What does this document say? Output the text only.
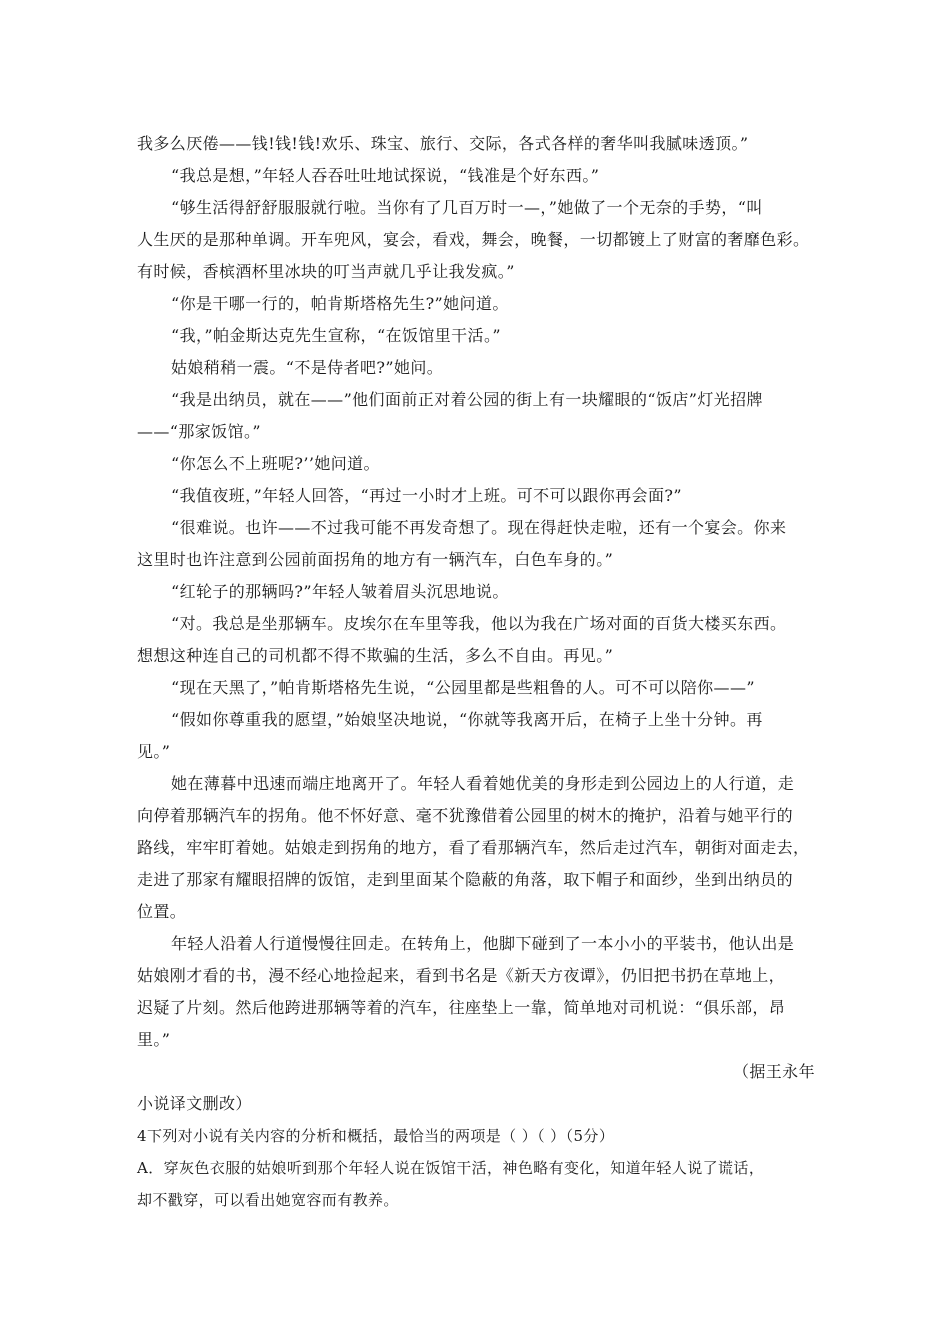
我多么厌倦——钱!钱!钱!欢乐、珠宝、旅行、交际，各式各样的奢华叫我腻味透顶。”
“我总是想，”年轻人吞吞吐吐地试探说，“钱准是个好东西。”
“够生活得舒舒服服就行啦。当你有了几百万时一—，”她做了一个无奈的手势，“叫
人生厌的是那种单调。开车兜风，宴会，看戏，舞会，晚餐，一切都镀上了财富的奢靡色彩。
有时候，香槟酒杯里冰块的叮当声就几乎让我发疯。”
“你是干哪一行的，帕肯斯塔格先生?”她问道。
“我，”帕金斯达克先生宣称，“在饭馆里干活。”
姑娘稍稍一震。“不是侍者吧?”她问。
“我是出纳员，就在——”他们面前正对着公园的街上有一块耀眼的“饭店”灯光招牌
——“那家饭馆。”
“你怎么不上班呢?’’她问道。
“我值夜班，”年轻人回答，“再过一小时才上班。可不可以跟你再会面?”
“很难说。也许——不过我可能不再发奇想了。现在得赶快走啦，还有一个宴会。你来
这里时也许注意到公园前面拐角的地方有一辆汽车，白色车身的。”
“红轮子的那辆吗?”年轻人皱着眉头沉思地说。
“对。我总是坐那辆车。皮埃尔在车里等我，他以为我在广场对面的百货大楼买东西。
想想这种连自己的司机都不得不欺骗的生活，多么不自由。再见。”
“现在天黑了，”帕肯斯塔格先生说，“公园里都是些粗鲁的人。可不可以陪你——”
“假如你尊重我的愿望，”始娘坚决地说，“你就等我离开后，在椅子上坐十分钟。再
见。”
她在薄暮中迅速而端庄地离开了。年轻人看着她优美的身形走到公园边上的人行道，走
向停着那辆汽车的拐角。他不怀好意、毫不犹豫借着公园里的树木的掩护，沿着与她平行的
路线，牢牢盯着她。姑娘走到拐角的地方，看了看那辆汽车，然后走过汽车，朝街对面走去，
走进了那家有耀眼招牌的饭馆，走到里面某个隐蔽的角落，取下帽子和面纱，坐到出纳员的
位置。
年轻人沿着人行道慢慢往回走。在转角上，他脚下碰到了一本小小的平装书，他认出是
姑娘刚才看的书，漫不经心地捡起来，看到书名是《新天方夜谭》，仍旧把书扔在草地上，
迟疑了片刻。然后他跨进那辆等着的汽车，往座垫上一靠，简单地对司机说：“俱乐部，昂
里。”
（据王永年
小说译文删改）
4下列对小说有关内容的分析和概括，最恰当的两项是（ ）（ ）（5分）
A．穿灰色衣服的姑娘听到那个年轻人说在饭馆干活，神色略有变化，知道年轻人说了谎话，
却不戳穿，可以看出她宽容而有教养。
